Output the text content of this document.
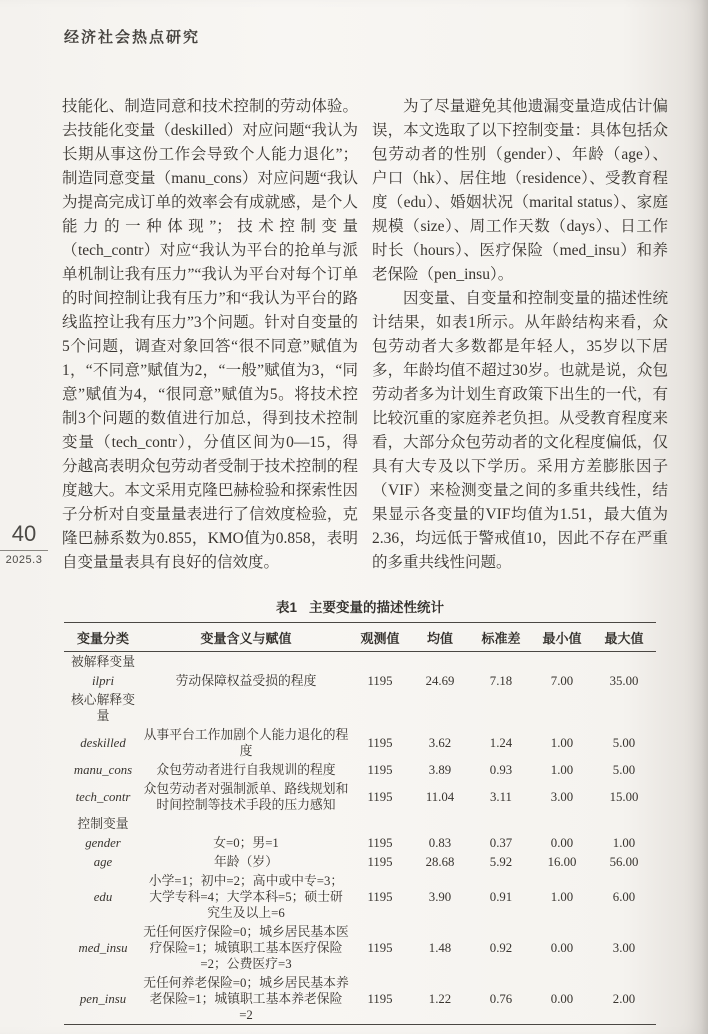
经济社会热点研究
40
2025.3

技能化、制造同意和技术控制的劳动体验。去技能化变量（deskilled）对应问题“我认为长期从事这份工作会导致个人能力退化”；制造同意变量（manu_cons）对应问题“我认为提高完成订单的效率会有成就感，是个人能力的一种体现”；技术控制变量（tech_contr）对应“我认为平台的抢单与派单机制让我有压力”“我认为平台对每个订单的时间控制让我有压力”和“我认为平台的路线监控让我有压力”3个问题。针对自变量的5个问题，调查对象回答“很不同意”赋值为1，“不同意”赋值为2，“一般”赋值为3，“同意”赋值为4，“很同意”赋值为5。将技术控制3个问题的数值进行加总，得到技术控制变量（tech_contr），分值区间为0—15，得分越高表明众包劳动者受制于技术控制的程度越大。本文采用克隆巴赫检验和探索性因子分析对自变量量表进行了信效度检验，克隆巴赫系数为0.855，KMO值为0.858，表明自变量量表具有良好的信效度。

为了尽量避免其他遗漏变量造成估计偏误，本文选取了以下控制变量：具体包括众包劳动者的性别（gender）、年龄（age）、户口（hk）、居住地（residence）、受教育程度（edu）、婚姻状况（marital status）、家庭规模（size）、周工作天数（days）、日工作时长（hours）、医疗保险（med_insu）和养老保险（pen_insu）。

因变量、自变量和控制变量的描述性统计结果，如表1所示。从年龄结构来看，众包劳动者大多数都是年轻人，35岁以下居多，年龄均值不超过30岁。也就是说，众包劳动者多为计划生育政策下出生的一代，有比较沉重的家庭养老负担。从受教育程度来看，大部分众包劳动者的文化程度偏低，仅具有大专及以下学历。采用方差膨胀因子（VIF）来检测变量之间的多重共线性，结果显示各变量的VIF均值为1.51，最大值为2.36，均远低于警戒值10，因此不存在严重的多重共线性问题。

表1 主要变量的描述性统计
变量分类	变量含义与赋值	观测值	均值	标准差	最小值	最大值
被解释变量						
ilpri	劳动保障权益受损的程度	1195	24.69	7.18	7.00	35.00
核心解释变量						
deskilled	从事平台工作加剧个人能力退化的程度	1195	3.62	1.24	1.00	5.00
manu_cons	众包劳动者进行自我规训的程度	1195	3.89	0.93	1.00	5.00
tech_contr	众包劳动者对强制派单、路线规划和时间控制等技术手段的压力感知	1195	11.04	3.11	3.00	15.00
控制变量						
gender	女=0；男=1	1195	0.83	0.37	0.00	1.00
age	年龄（岁）	1195	28.68	5.92	16.00	56.00
edu	小学=1；初中=2；高中或中专=3；大学专科=4；大学本科=5；硕士研究生及以上=6	1195	3.90	0.91	1.00	6.00
med_insu	无任何医疗保险=0；城乡居民基本医疗保险=1；城镇职工基本医疗保险=2；公费医疗=3	1195	1.48	0.92	0.00	3.00
pen_insu	无任何养老保险=0；城乡居民基本养老保险=1；城镇职工基本养老保险=2	1195	1.22	0.76	0.00	2.00
